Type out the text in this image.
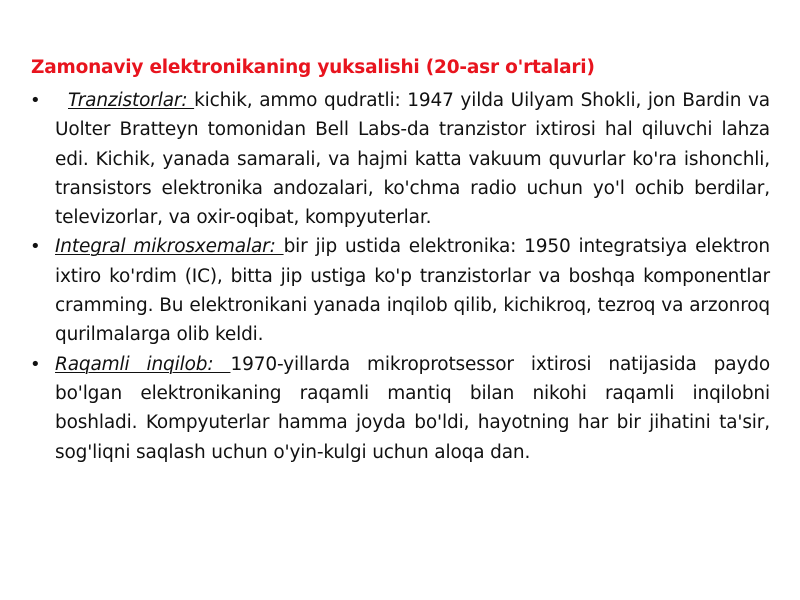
Zamonaviy elektronikaning yuksalishi (20-asr o'rtalari)
• Tranzistorlar: kichik, ammo qudratli: 1947 yilda Uilyam Shokli, jon Bardin va Uolter Bratteyn tomonidan Bell Labs-da tranzistor ixtirosi hal qiluvchi lahza edi. Kichik, yanada samarali, va hajmi katta vakuum quvurlar ko'ra ishonchli, transistors elektronika andozalari, ko'chma radio uchun yo'l ochib berdilar, televizorlar, va oxir-oqibat, kompyuterlar.
• Integral mikrosxemalar: bir jip ustida elektronika: 1950 integratsiya elektron ixtiro ko'rdim (IC), bitta jip ustiga ko'p tranzistorlar va boshqa komponentlar cramming. Bu elektronikani yanada inqilob qilib, kichikroq, tezroq va arzonroq qurilmalarga olib keldi.
• Raqamli inqilob: 1970-yillarda mikroprotsessor ixtirosi natijasida paydo bo'lgan elektronikaning raqamli mantiq bilan nikohi raqamli inqilobni boshladi. Kompyuterlar hamma joyda bo'ldi, hayotning har bir jihatini ta'sir, sog'liqni saqlash uchun o'yin-kulgi uchun aloqa dan.
